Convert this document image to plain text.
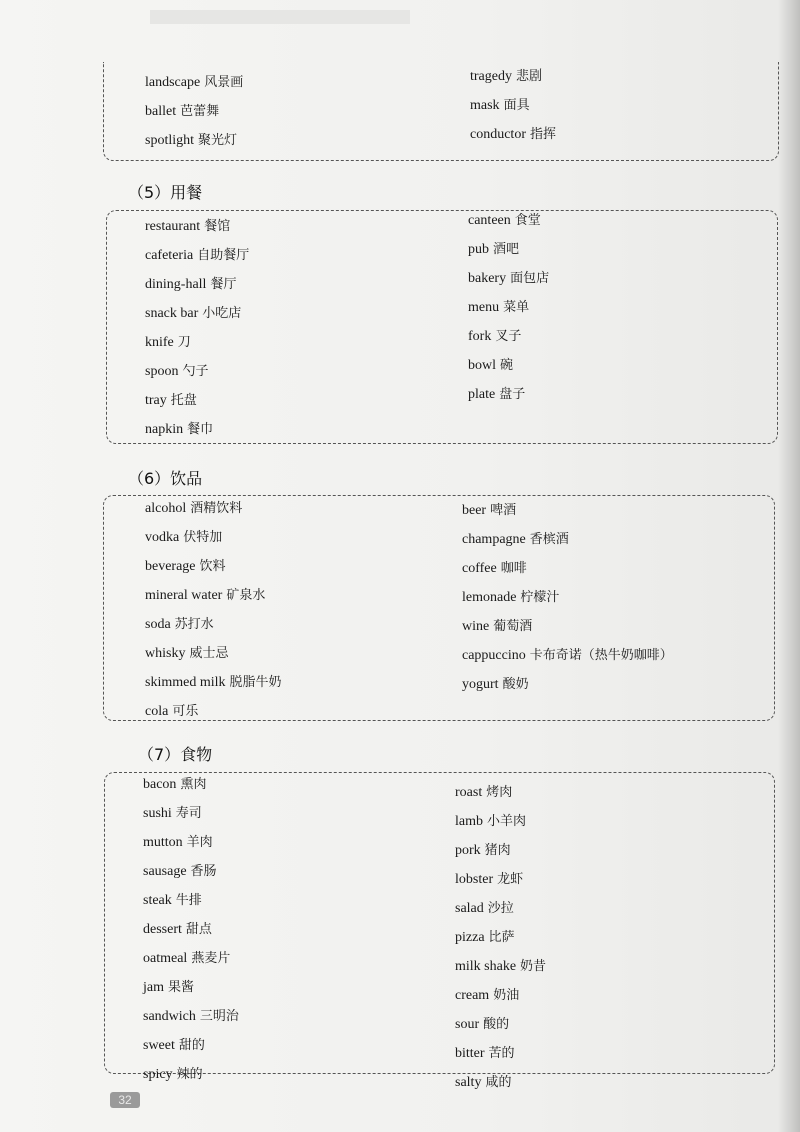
landscape 风景画
ballet 芭蕾舞
spotlight 聚光灯
tragedy 悲剧
mask 面具
conductor 指挥
（5）用餐
restaurant 餐馆
cafeteria 自助餐厅
dining-hall 餐厅
snack bar 小吃店
knife 刀
spoon 勺子
tray 托盘
napkin 餐巾
canteen 食堂
pub 酒吧
bakery 面包店
menu 菜单
fork 叉子
bowl 碗
plate 盘子
（6）饮品
alcohol 酒精饮料
vodka 伏特加
beverage 饮料
mineral water 矿泉水
soda 苏打水
whisky 威士忌
skimmed milk 脱脂牛奶
cola 可乐
beer 啤酒
champagne 香槟酒
coffee 咖啡
lemonade 柠檬汁
wine 葡萄酒
cappuccino 卡布奇诺（热牛奶咖啡）
yogurt 酸奶
（7）食物
bacon 熏肉
sushi 寿司
mutton 羊肉
sausage 香肠
steak 牛排
dessert 甜点
oatmeal 燕麦片
jam 果酱
sandwich 三明治
sweet 甜的
spicy 辣的
roast 烤肉
lamb 小羊肉
pork 猪肉
lobster 龙虾
salad 沙拉
pizza 比萨
milk shake 奶昔
cream 奶油
sour 酸的
bitter 苦的
salty 咸的
32
